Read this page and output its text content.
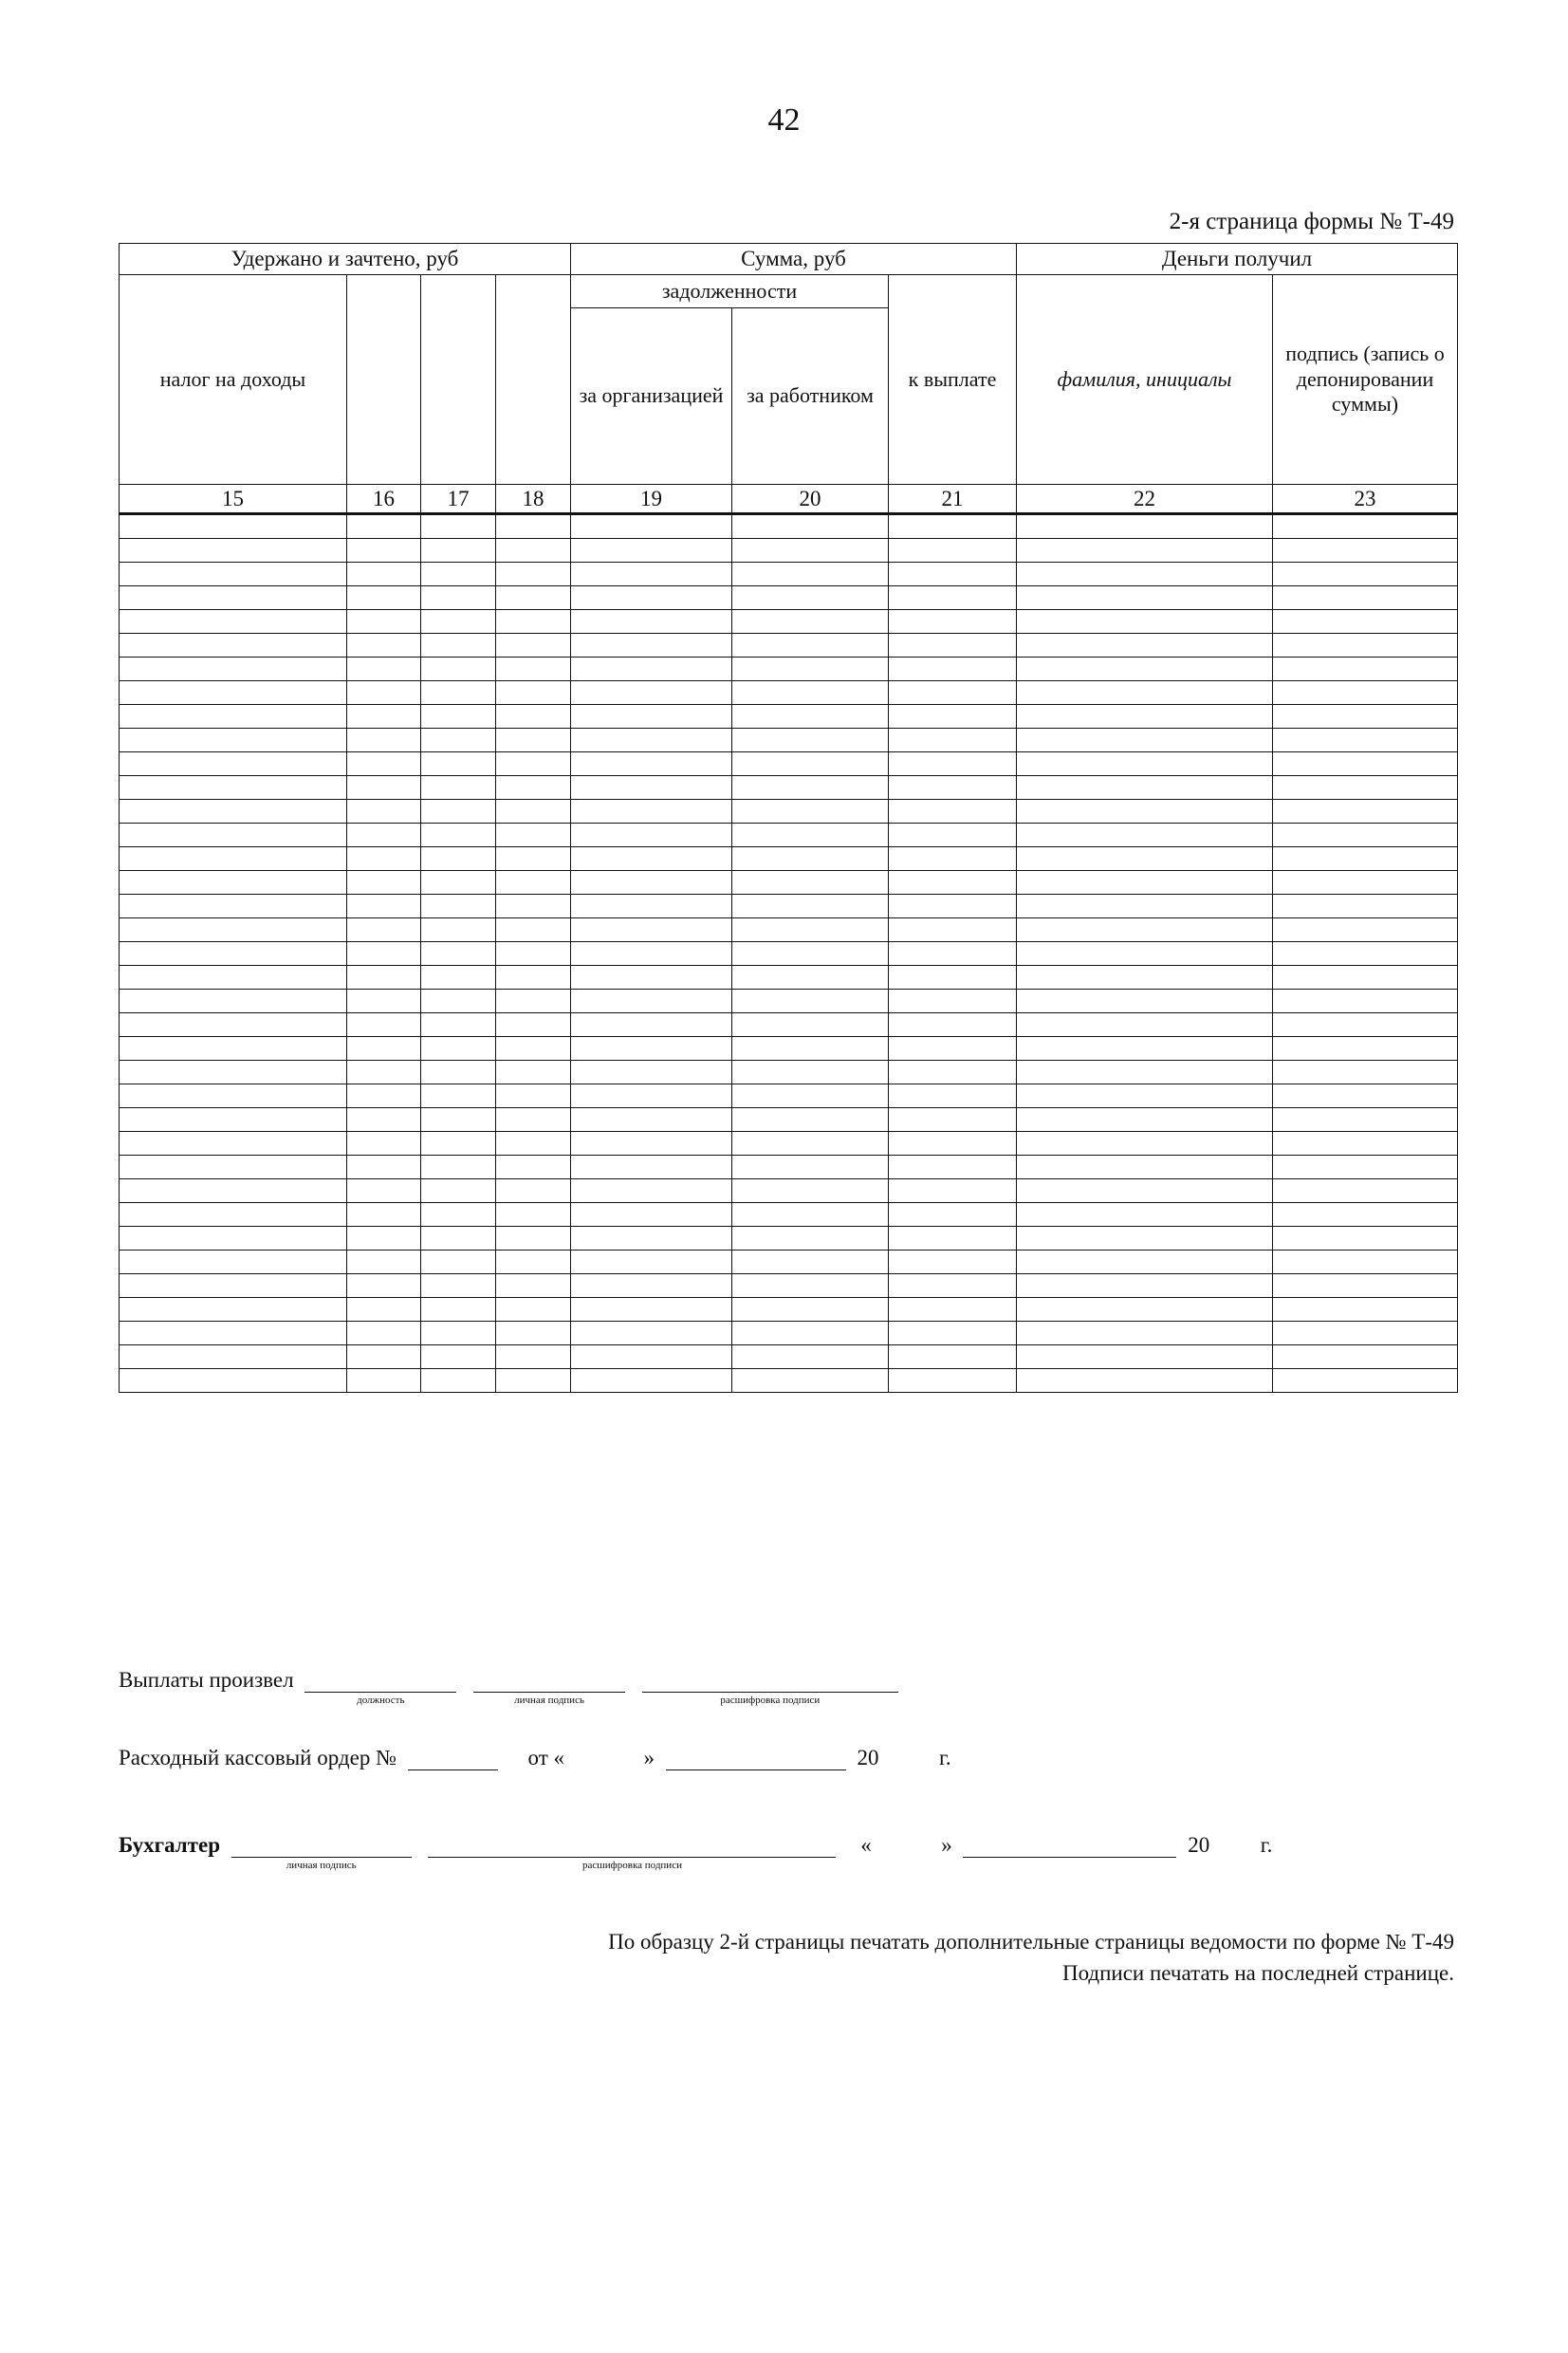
42
2-я страница формы № Т-49
Удержано и зачтено, руб				Сумма, руб			Деньги получил	
налог на доходы				задолженности		к выплате	фамилия, инициалы	подпись (запись о депонировании суммы)
				за организацией	за работником			
15	16	17	18	19	20	21	22	23

Выплаты произвел
должность
	личная подпись
	расшифровка подписи
Расходный кассовый ордер №	от «	»	20	г.
Бухгалтер
личная подпись
	расшифровка подписи
«	»	20 г.
По образцу 2-й страницы печатать дополнительные страницы ведомости по форме № Т-49
Подписи печатать на последней странице.
